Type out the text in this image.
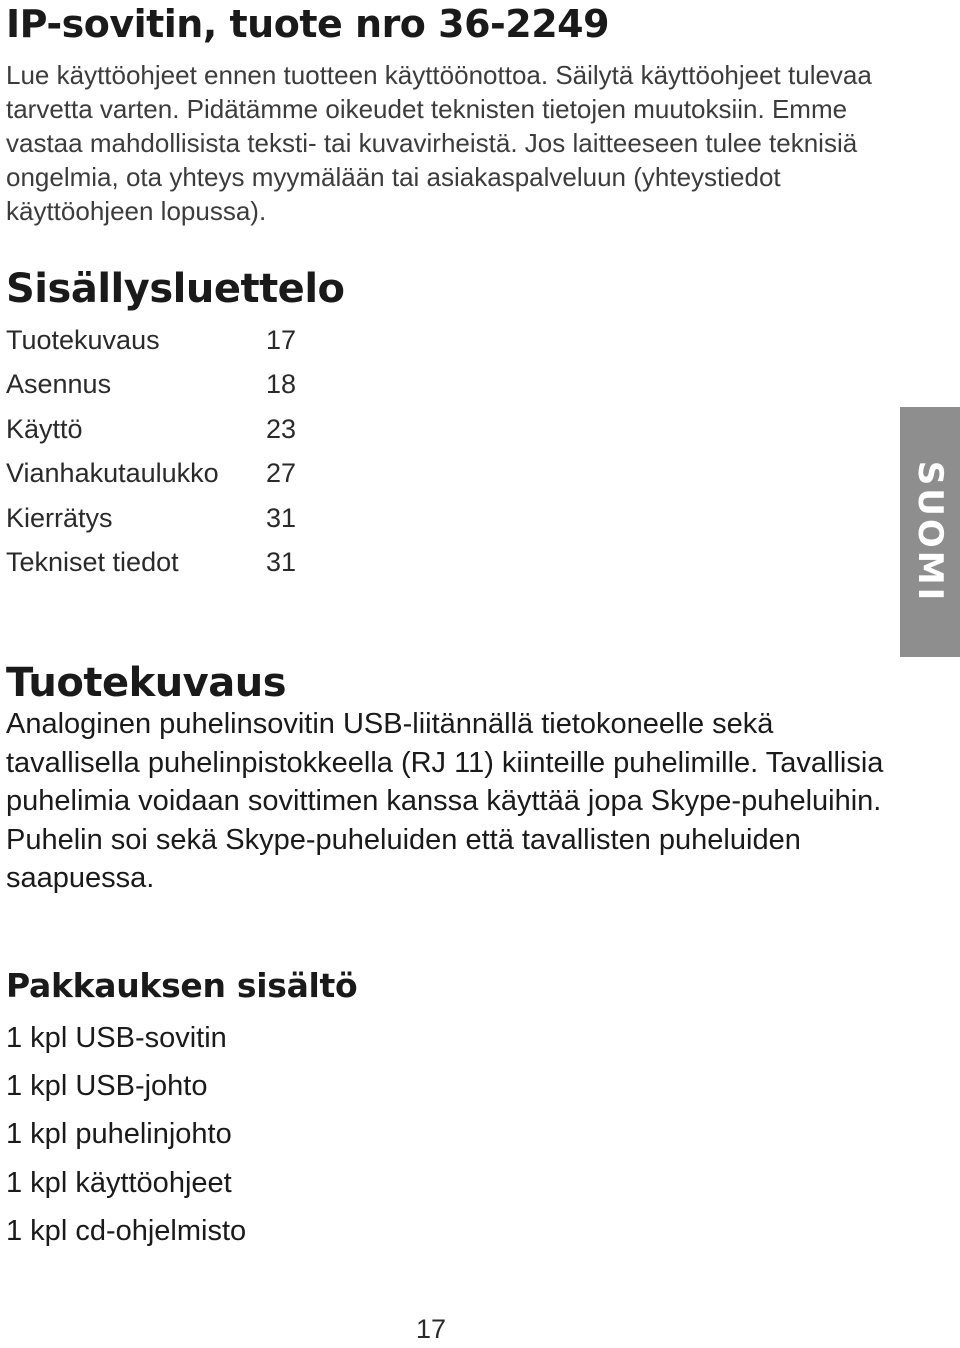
IP-sovitin, tuote nro 36-2249

Lue käyttöohjeet ennen tuotteen käyttöönottoa. Säilytä käyttöohjeet tulevaa tarvetta varten. Pidätämme oikeudet teknisten tietojen muutoksiin. Emme vastaa mahdollisista teksti- tai kuvavirheistä. Jos laitteeseen tulee teknisiä ongelmia, ota yhteys myymälään tai asiakaspalveluun (yhteystiedot käyttöohjeen lopussa).

Sisällysluettelo
Tuotekuvaus	17
Asennus	18
Käyttö	23
Vianhakutaulukko 27
Kierrätys	31
Tekniset tiedot	31	SUOMI
Tuotekuvaus

Analoginen puhelinsovitin USB-liitännällä tietokoneelle sekä tavallisella puhelinpistokkeella (RJ 11) kiinteille puhelimille. Tavallisia puhelimia voidaan sovittimen kanssa käyttää jopa Skype-puheluihin. Puhelin soi sekä Skype-puheluiden että tavallisten puheluiden saapuessa.

Pakkauksen sisältö
1 kpl USB-sovitin
1 kpl USB-johto
1 kpl puhelinjohto
1 kpl käyttöohjeet
1 kpl cd-ohjelmisto
17
